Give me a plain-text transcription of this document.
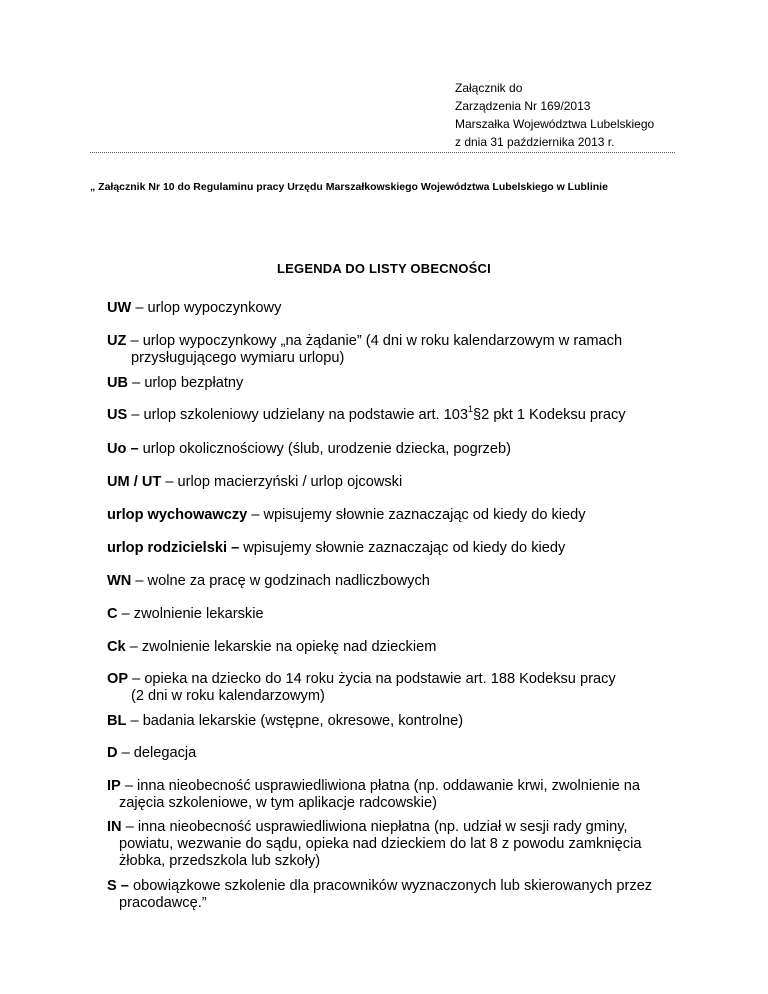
Załącznik do
Zarządzenia Nr 169/2013
Marszałka Województwa Lubelskiego
z dnia 31 października 2013 r.
„ Załącznik Nr 10 do Regulaminu pracy Urzędu Marszałkowskiego Województwa Lubelskiego w Lublinie
LEGENDA DO LISTY OBECNOŚCI
UW – urlop wypoczynkowy
UZ – urlop wypoczynkowy „na żądanie” (4 dni w roku kalendarzowym w ramach
przysługującego wymiaru urlopu)
UB – urlop bezpłatny
US – urlop szkoleniowy udzielany na podstawie art. $103^1\S 2$ pkt 1 Kodeksu pracy
Uo – urlop okolicznościowy (ślub, urodzenie dziecka, pogrzeb)
UM / UT – urlop macierzyński / urlop ojcowski
urlop wychowawczy – wpisujemy słownie zaznaczając od kiedy do kiedy
urlop rodzicielski – wpisujemy słownie zaznaczając od kiedy do kiedy
WN – wolne za pracę w godzinach nadliczbowych
C – zwolnienie lekarskie
Ck – zwolnienie lekarskie na opiekę nad dzieckiem
OP – opieka na dziecko do 14 roku życia na podstawie art. 188 Kodeksu pracy
(2 dni w roku kalendarzowym)
BL – badania lekarskie (wstępne, okresowe, kontrolne)
D – delegacja
IP – inna nieobecność usprawiedliwiona płatna (np. oddawanie krwi, zwolnienie na
zajęcia szkoleniowe, w tym aplikacje radcowskie)
IN – inna nieobecność usprawiedliwiona niepłatna (np. udział w sesji rady gminy,
powiatu, wezwanie do sądu, opieka nad dzieckiem do lat 8 z powodu zamknięcia
żłobka, przedszkola lub szkoły)
S – obowiązkowe szkolenie dla pracowników wyznaczonych lub skierowanych przez
pracodawcę.”
